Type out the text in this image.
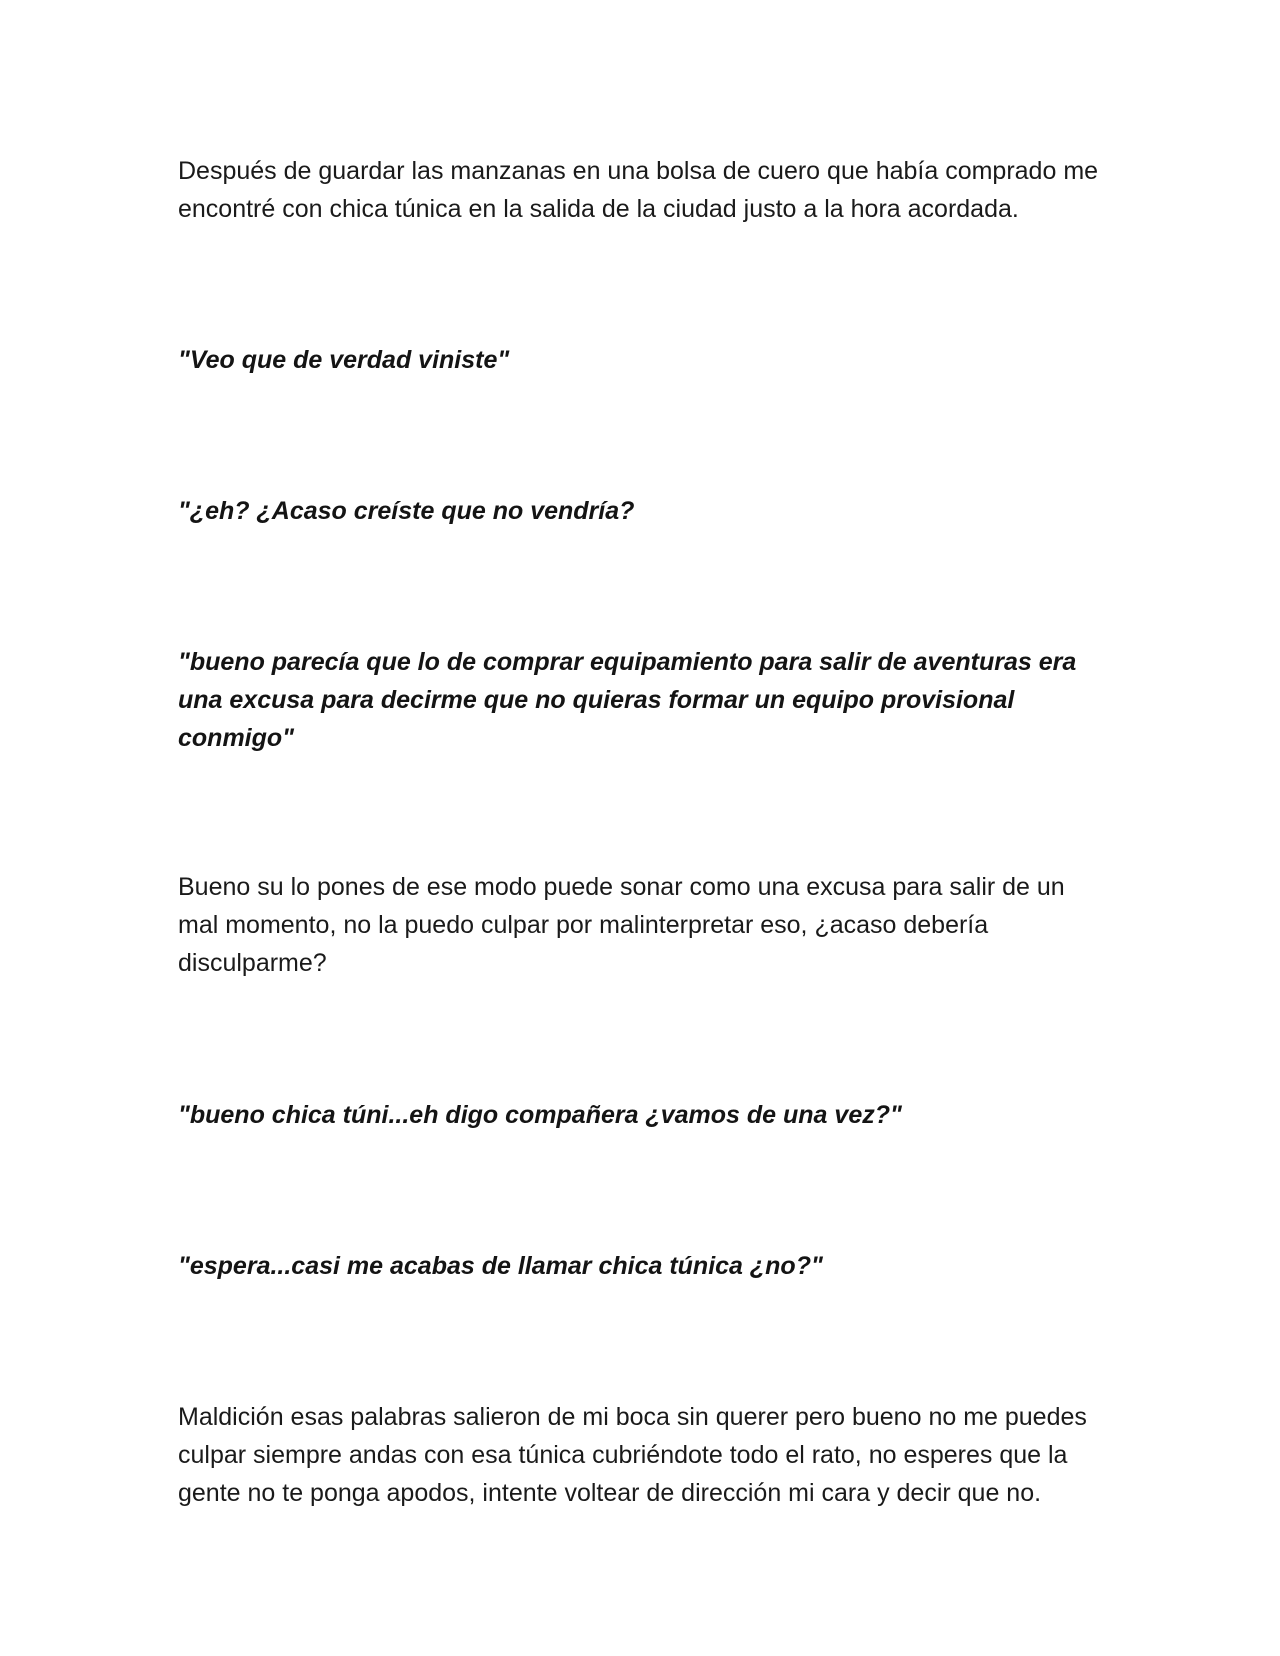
Después de guardar las manzanas en una bolsa de cuero que había comprado me
encontré con chica túnica en la salida de la ciudad justo a la hora acordada.

"Veo que de verdad viniste"

"¿eh? ¿Acaso creíste que no vendría?

"bueno parecía que lo de comprar equipamiento para salir de aventuras era
una excusa para decirme que no quieras formar un equipo provisional
conmigo"

Bueno su lo pones de ese modo puede sonar como una excusa para salir de un
mal momento, no la puedo culpar por malinterpretar eso, ¿acaso debería
disculparme?

"bueno chica túni...eh digo compañera ¿vamos de una vez?"

"espera...casi me acabas de llamar chica túnica ¿no?"

Maldición esas palabras salieron de mi boca sin querer pero bueno no me puedes
culpar siempre andas con esa túnica cubriéndote todo el rato, no esperes que la
gente no te ponga apodos, intente voltear de dirección mi cara y decir que no.
